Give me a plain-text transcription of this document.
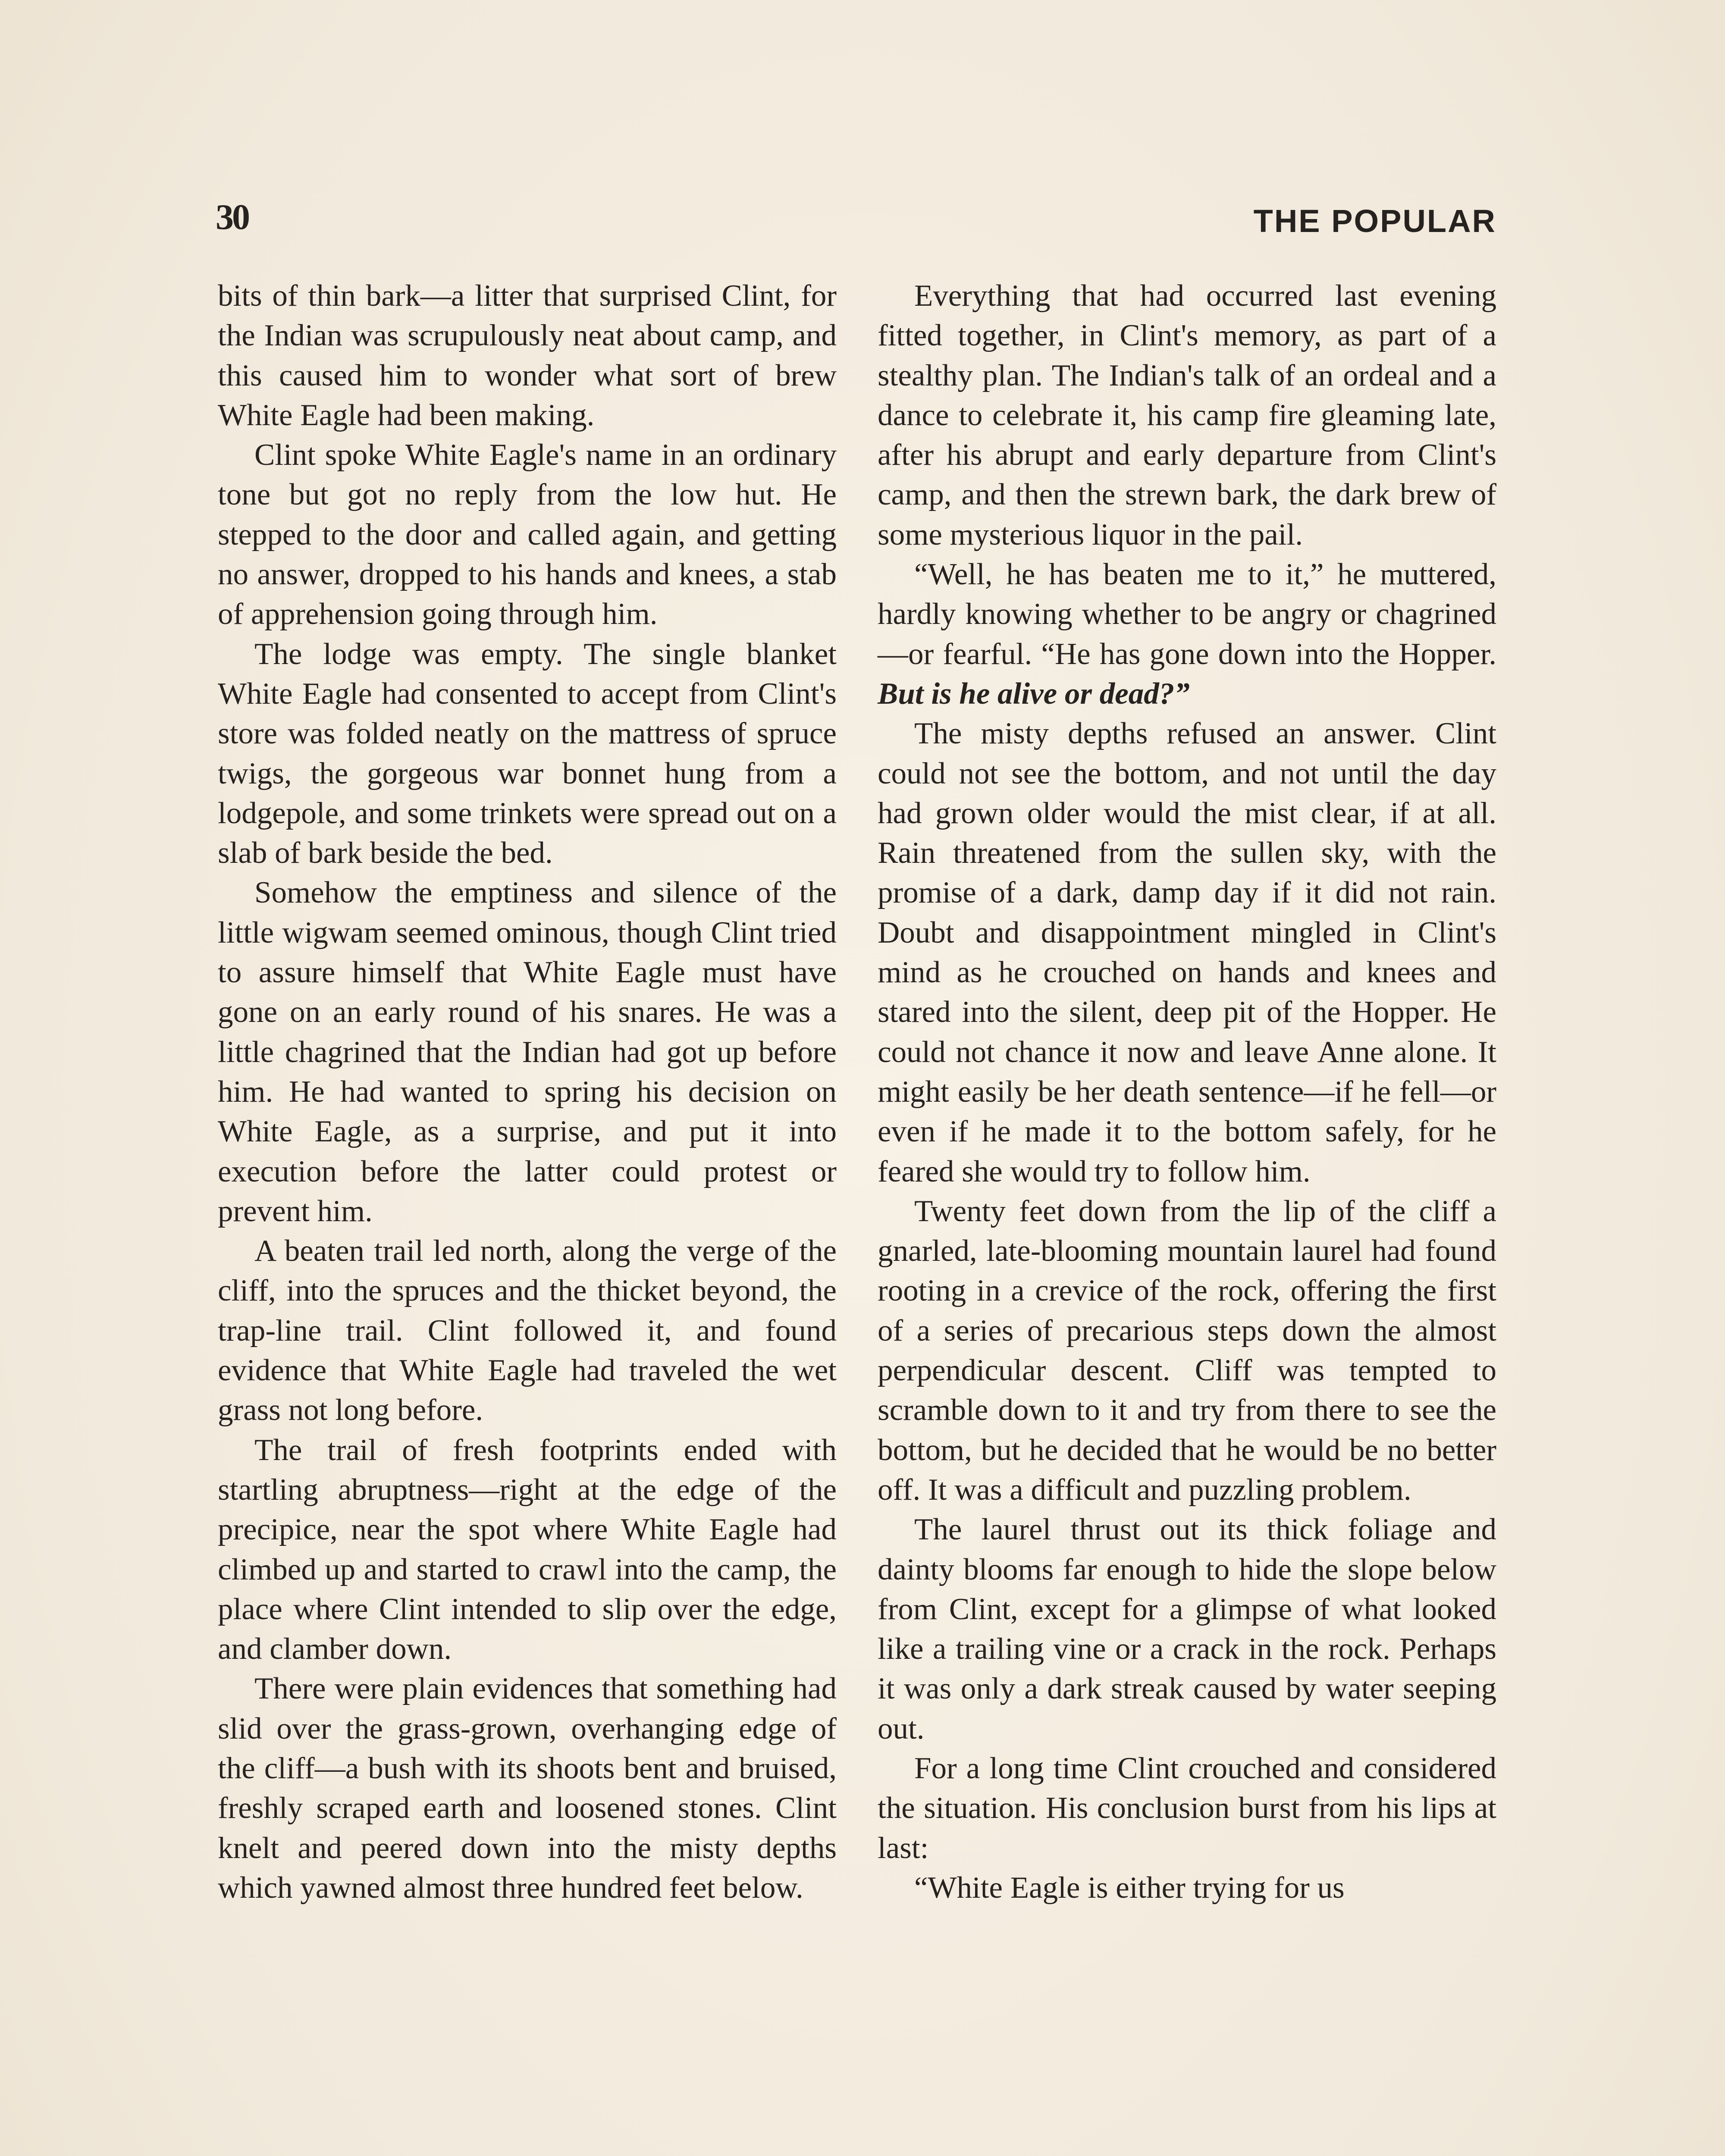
30	THE POPULAR

bits of thin bark—a litter that surprised Clint, for the Indian was scrupulously neat about camp, and this caused him to wonder what sort of brew White Eagle had been making.

Clint spoke White Eagle's name in an ordinary tone but got no reply from the low hut. He stepped to the door and called again, and getting no answer, dropped to his hands and knees, a stab of apprehension going through him.

The lodge was empty. The single blanket White Eagle had consented to accept from Clint's store was folded neatly on the mattress of spruce twigs, the gorgeous war bonnet hung from a lodgepole, and some trinkets were spread out on a slab of bark beside the bed.

Somehow the emptiness and silence of the little wigwam seemed ominous, though Clint tried to assure himself that White Eagle must have gone on an early round of his snares. He was a little chagrined that the Indian had got up before him. He had wanted to spring his decision on White Eagle, as a surprise, and put it into execution before the latter could protest or prevent him.

A beaten trail led north, along the verge of the cliff, into the spruces and the thicket beyond, the trap-line trail. Clint followed it, and found evidence that White Eagle had traveled the wet grass not long before.

The trail of fresh footprints ended with startling abruptness—right at the edge of the precipice, near the spot where White Eagle had climbed up and started to crawl into the camp, the place where Clint intended to slip over the edge, and clamber down.

There were plain evidences that something had slid over the grass-grown, overhanging edge of the cliff—a bush with its shoots bent and bruised, freshly scraped earth and loosened stones. Clint knelt and peered down into the misty depths which yawned almost three hundred feet below.

Everything that had occurred last evening fitted together, in Clint's memory, as part of a stealthy plan. The Indian's talk of an ordeal and a dance to celebrate it, his camp fire gleaming late, after his abrupt and early departure from Clint's camp, and then the strewn bark, the dark brew of some mysterious liquor in the pail.

“Well, he has beaten me to it,” he muttered, hardly knowing whether to be angry or chagrined—or fearful. “He has gone down into the Hopper. But is he alive or dead?”

The misty depths refused an answer. Clint could not see the bottom, and not until the day had grown older would the mist clear, if at all. Rain threatened from the sullen sky, with the promise of a dark, damp day if it did not rain. Doubt and disappointment mingled in Clint's mind as he crouched on hands and knees and stared into the silent, deep pit of the Hopper. He could not chance it now and leave Anne alone. It might easily be her death sentence—if he fell—or even if he made it to the bottom safely, for he feared she would try to follow him.

Twenty feet down from the lip of the cliff a gnarled, late-blooming mountain laurel had found rooting in a crevice of the rock, offering the first of a series of precarious steps down the almost perpendicular descent. Cliff was tempted to scramble down to it and try from there to see the bottom, but he decided that he would be no better off. It was a difficult and puzzling problem.

The laurel thrust out its thick foliage and dainty blooms far enough to hide the slope below from Clint, except for a glimpse of what looked like a trailing vine or a crack in the rock. Perhaps it was only a dark streak caused by water seeping out.

For a long time Clint crouched and considered the situation. His conclusion burst from his lips at last:

“White Eagle is either trying for us
